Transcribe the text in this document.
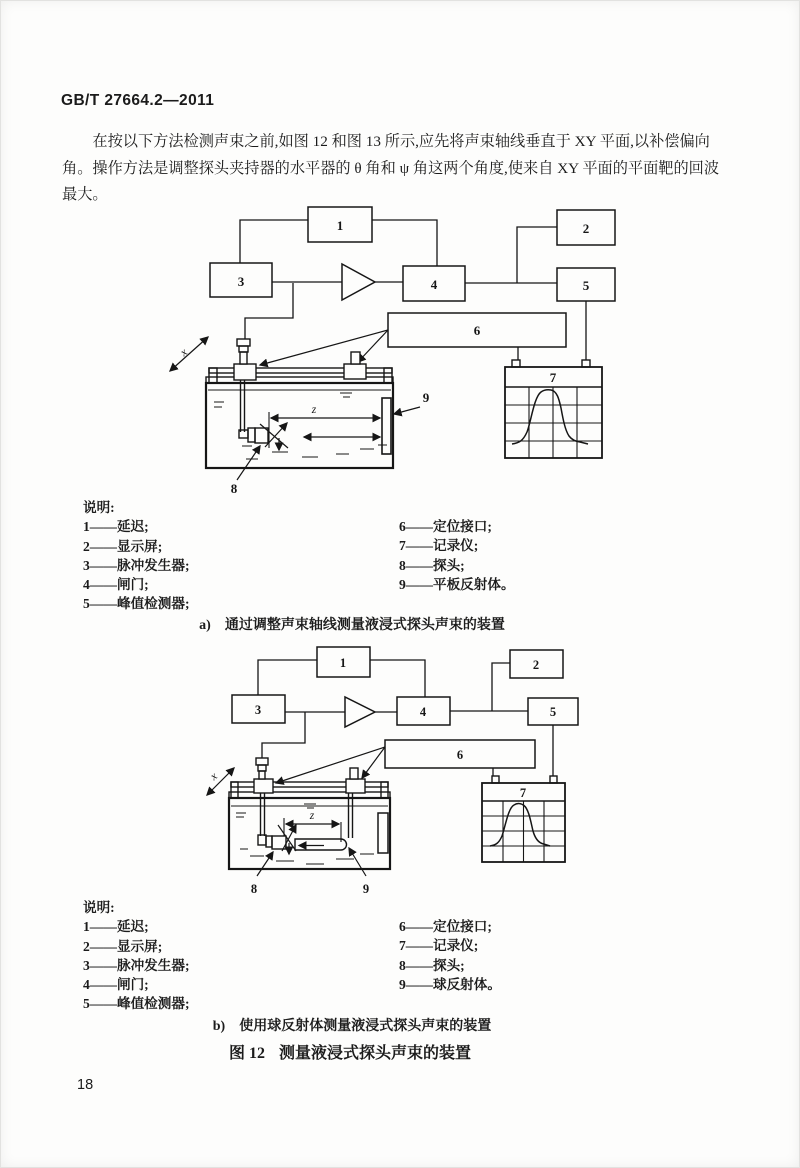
GB/T 27664.2—2011
在按以下方法检测声束之前,如图 12 和图 13 所示,应先将声束轴线垂直于 XY 平面,以补偿偏向
角。操作方法是调整探头夹持器的水平器的 θ 角和 ψ 角这两个角度,使来自 XY 平面的平面靶的回波
最大。
1	2
3	4	5
6
7
8
9
z
x
说明:
1——延迟;
2——显示屏;
3——脉冲发生器;
4——闸门;
5——峰值检测器;
6——定位接口;
7——记录仪;
8——探头;
9——平板反射体。
a) 通过调整声束轴线测量液浸式探头声束的装置
1	2
3	4	5
6
7
8	9
z
x
说明:
1——延迟;
2——显示屏;
3——脉冲发生器;
4——闸门;
5——峰值检测器;
6——定位接口;
7——记录仪;
8——探头;
9——球反射体。
b) 使用球反射体测量液浸式探头声束的装置
图 12 测量液浸式探头声束的装置
18
